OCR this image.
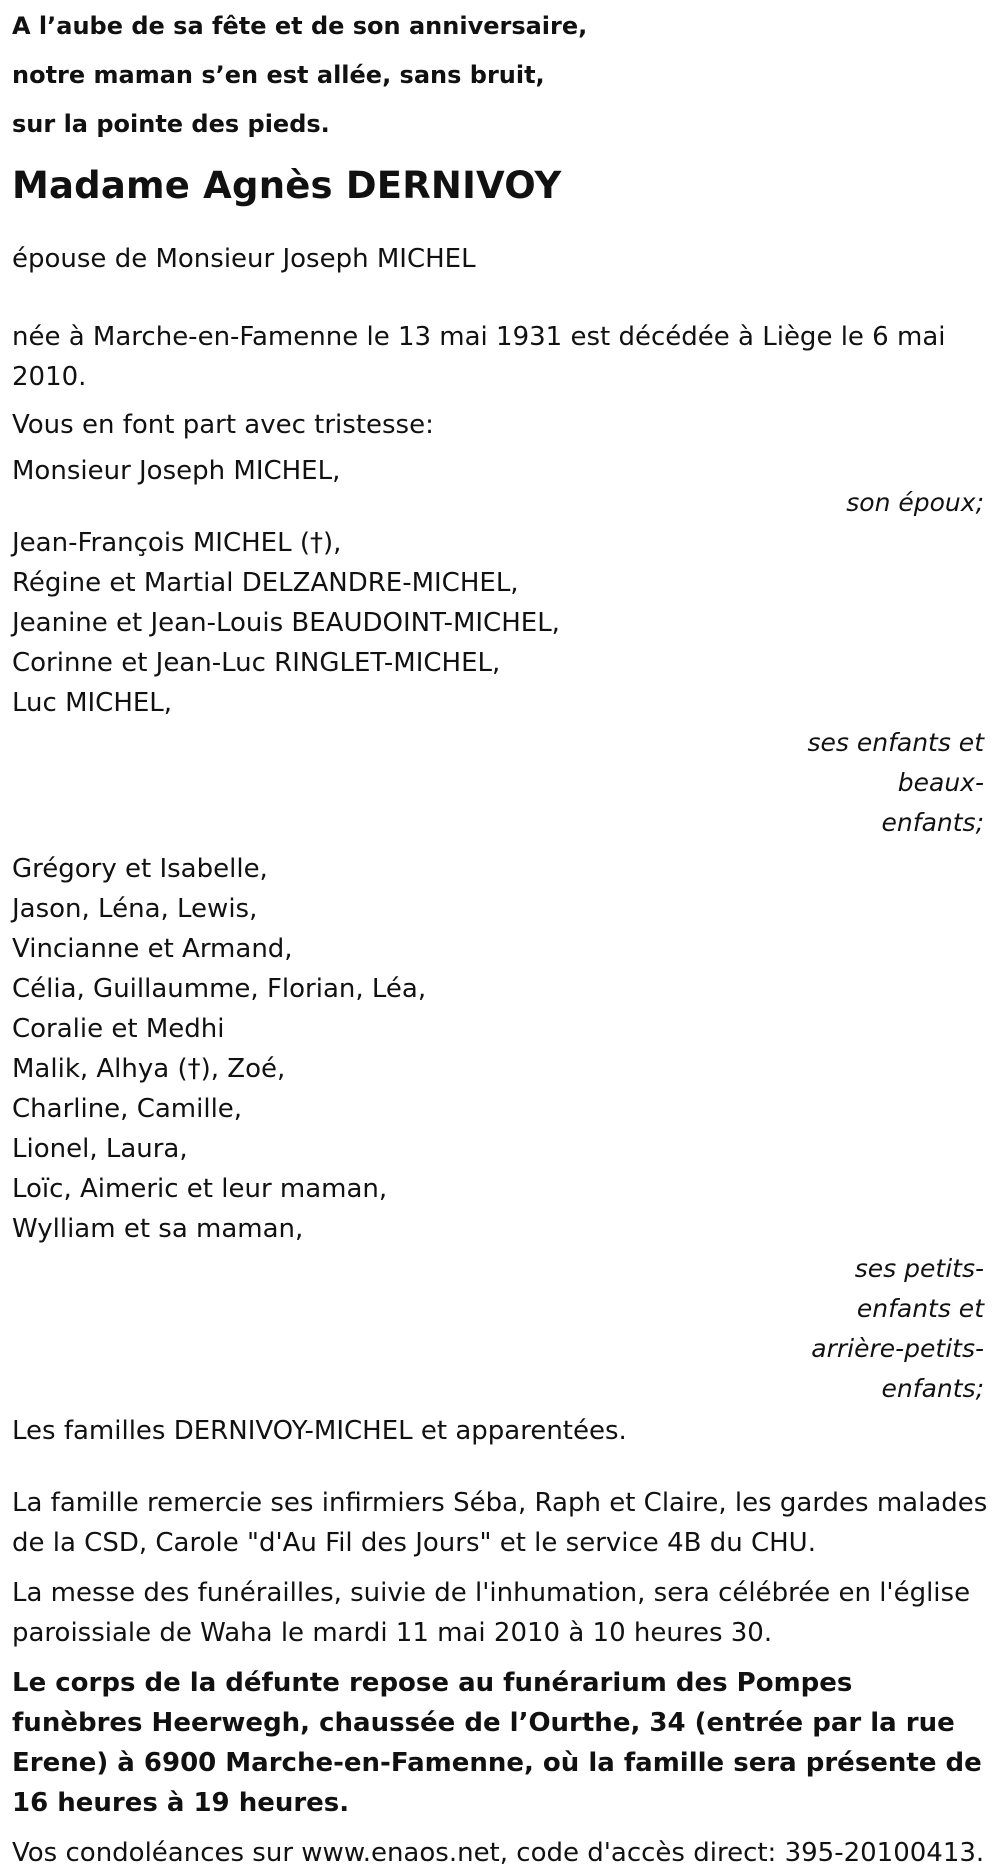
A l’aube de sa fête et de son anniversaire,
notre maman s’en est allée, sans bruit,
sur la pointe des pieds.
Madame Agnès DERNIVOY
épouse de Monsieur Joseph MICHEL
née à Marche-en-Famenne le 13 mai 1931 est décédée à Liège le 6 mai 2010.
Vous en font part avec tristesse:
Monsieur Joseph MICHEL,
son époux;
Jean-François MICHEL (†),
Régine et Martial DELZANDRE-MICHEL,
Jeanine et Jean-Louis BEAUDOINT-MICHEL,
Corinne et Jean-Luc RINGLET-MICHEL,
Luc MICHEL,
ses enfants et beaux-enfants;
Grégory et Isabelle,
Jason, Léna, Lewis,
Vincianne et Armand,
Célia, Guillaumme, Florian, Léa,
Coralie et Medhi
Malik, Alhya (†), Zoé,
Charline, Camille,
Lionel, Laura,
Loïc, Aimeric et leur maman,
Wylliam et sa maman,
ses petits-enfants et arrière-petits-enfants;
Les familles DERNIVOY-MICHEL et apparentées.
La famille remercie ses infirmiers Séba, Raph et Claire, les gardes malades de la CSD, Carole "d'Au Fil des Jours" et le service 4B du CHU.
La messe des funérailles, suivie de l'inhumation, sera célébrée en l'église paroissiale de Waha le mardi 11 mai 2010 à 10 heures 30.
Le corps de la défunte repose au funérarium des Pompes funèbres Heerwegh, chaussée de l’Ourthe, 34 (entrée par la rue Erene) à 6900 Marche-en-Famenne, où la famille sera présente de 16 heures à 19 heures.
Vos condoléances sur www.enaos.net, code d'accès direct: 395-20100413.
